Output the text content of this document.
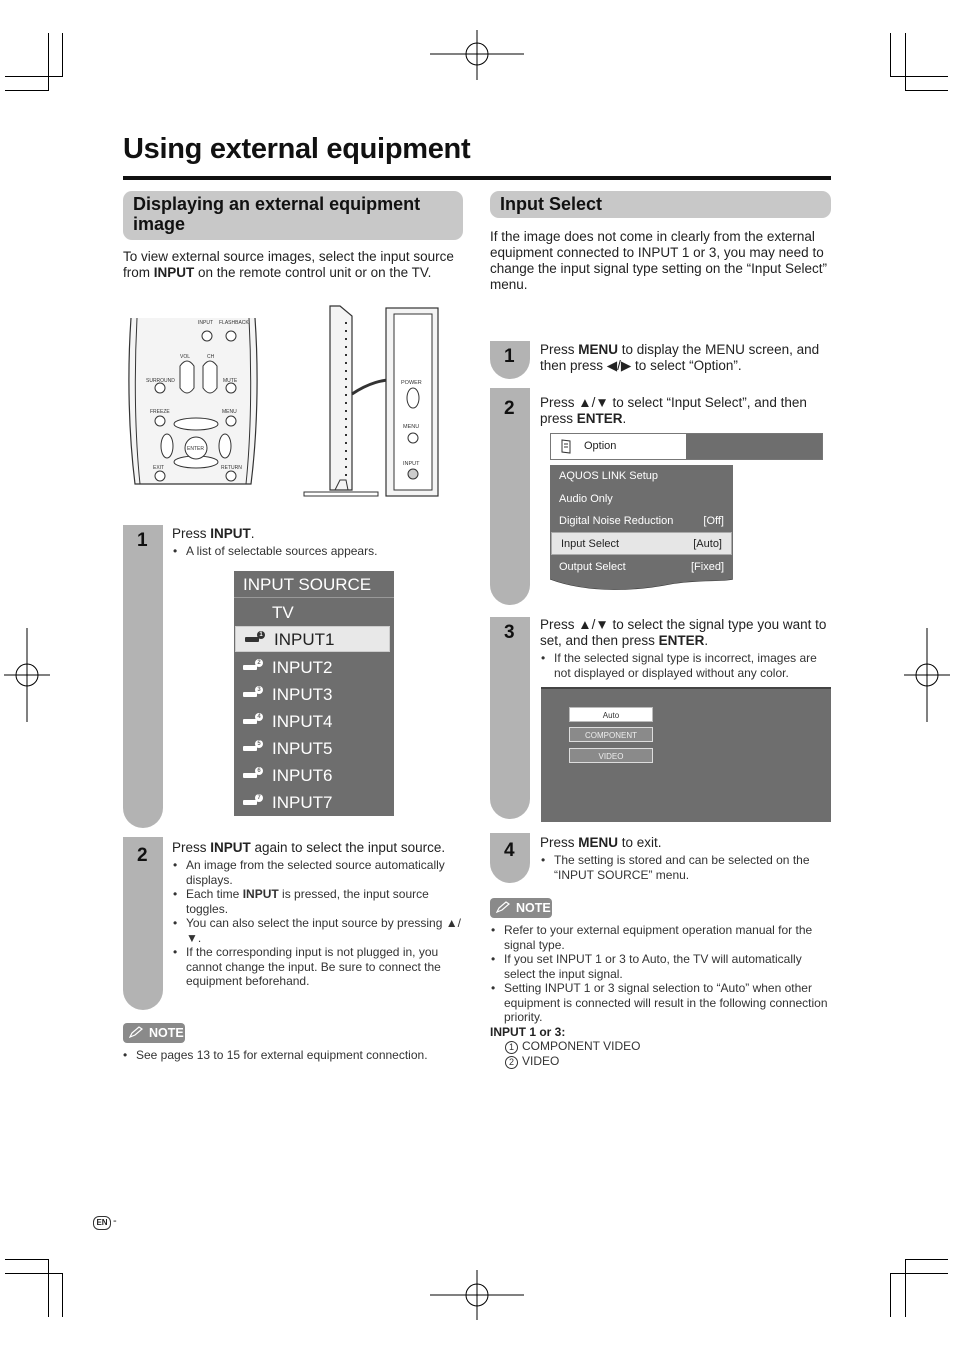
Using external equipment
Displaying an external equipment image
To view external source images, select the input source from INPUT on the remote control unit or on the TV.
INPUT FLASHBACK
VOL	CH
SURROUND	MUTE
FREEZE	MENU
ENTER
EXIT	RETURN
POWER
MENU
INPUT
1 Press INPUT.
• A list of selectable sources appears.
INPUT SOURCE
TV
1 INPUT1
2 INPUT2
3 INPUT3
4 INPUT4
5 INPUT5
6 INPUT6
7 INPUT7
2 Press INPUT again to select the input source.
• An image from the selected source automatically displays.
• Each time INPUT is pressed, the input source toggles.
• You can also select the input source by pressing ▲/▼.
• If the corresponding input is not plugged in, you cannot change the input. Be sure to connect the equipment beforehand.
NOTE
• See pages 13 to 15 for external equipment connection.
Input Select
If the image does not come in clearly from the external equipment connected to INPUT 1 or 3, you may need to change the input signal type setting on the “Input Select” menu.
1 Press MENU to display the MENU screen, and then press ◀/▶ to select “Option”.
2 Press ▲/▼ to select “Input Select”, and then press ENTER.
Option
AQUOS LINK Setup
Audio Only
Digital Noise Reduction	[Off]
Input Select	[Auto]
Output Select	[Fixed]
3 Press ▲/▼ to select the signal type you want to set, and then press ENTER.
• If the selected signal type is incorrect, images are not displayed or displayed without any color.
Auto
COMPONENT
VIDEO
4 Press MENU to exit.
• The setting is stored and can be selected on the “INPUT SOURCE” menu.
NOTE
• Refer to your external equipment operation manual for the signal type.
• If you set INPUT 1 or 3 to Auto, the TV will automatically select the input signal.
• Setting INPUT 1 or 3 signal selection to “Auto” when other equipment is connected will result in the following connection priority.
INPUT 1 or 3:
1 COMPONENT VIDEO
2 VIDEO
EN -
